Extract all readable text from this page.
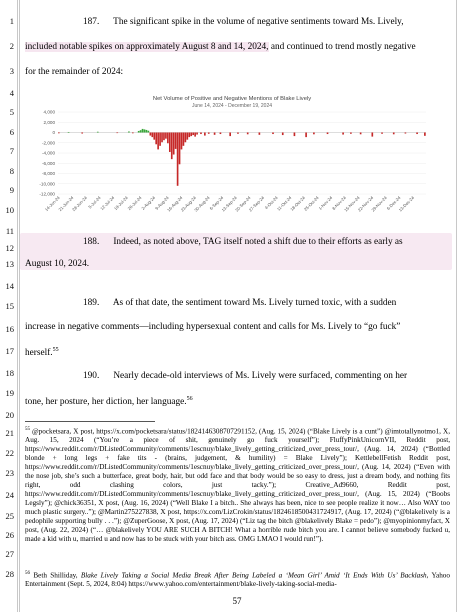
1
2
3
4
5
6
7
8
9
10
11
12
13
14
15
16
17
18
19
20
21
22
23
24
25
26
27
28
187. The significant spike in the volume of negative sentiments toward Ms. Lively,
included notable spikes on approximately August 8 and 14, 2024, and continued to trend mostly negative
for the remainder of 2024:
Net Volume of Positive and Negative Mentions of Blake Lively
June 14, 2024 - December 19, 2024
4,000
2,000
0
-2,000
-4,000
-6,000
-8,000
-10,000
-12,000
14-Jun-24
21-Jun-24
28-Jun-24 5-Jul-24
12-Jul-24
19-Jul-24
26-Jul-24
2-Aug-24
9-Aug-24
16-Aug-24
23-Aug-24
30-Aug-24
6-Sep-24
13-Sep-24
20-Sep-24
27-Sep-24
4-Oct-24
11-Oct-24
18-Oct-24
25-Oct-24
1-Nov-24
8-Nov-24
15-Nov-24
22-Nov-24
29-Nov-24
6-Dec-24
13-Dec-24
188. Indeed, as noted above, TAG itself noted a shift due to their efforts as early as
August 10, 2024.
189. As of that date, the sentiment toward Ms. Lively turned toxic, with a sudden
increase in negative comments—including hypersexual content and calls for Ms. Lively to “go fuck”
herself.$^{55}$
190. Nearly decade-old interviews of Ms. Lively were surfaced, commenting on her
tone, her posture, her diction, her language.$^{56}$
$^{55}$ @pocketsara, X post, https://x.com/pocketsara/status/1824146308707291152, (Aug. 15, 2024) (“Blake Lively is a cunt”) @imtotallynotmo1, X, Aug. 15, 2024 (“You’re a piece of shit, genuinely go fuck yourself”); FluffyPinkUnicornVII, Reddit post, https://www.reddit.com/r/DListedCommunity/comments/1escnuy/blake_lively_getting_criticized_over_press_tour/, (Aug. 14, 2024) (“Bottled blonde + long legs + fake tits - (brains, judgement, & humility) = Blake Lively”); KettlebellFetish Reddit post, https://www.reddit.com/r/DListedCommunity/comments/1escnuy/blake_lively_getting_criticized_over_press_tour/, (Aug. 14, 2024) (“Even with the nose job, she’s such a butterface, great body, hair, but odd face and that body would be so easy to dress, just a dream body, and nothing fits right, odd clashing colors, just tacky.”); Creative_Ad9660, Reddit post, https://www.reddit.com/r/DListedCommunity/comments/1escnuy/blake_lively_getting_criticized_over_press_tour/, (Aug. 15, 2024) (“Boobs Legsly”); @chick36351, X post, (Aug. 16, 2024) (“Well Blake I a bitch.. She always has been, nice to see people realize it now… Also WAY too much plastic surgery..”); @Martin275227838, X post, https://x.com/LizCrokin/status/1824618500431724917, (Aug. 17, 2024) (“@blakelively is a pedophile supporting bully . . .”); @ZuperGoose, X post, (Aug. 17, 2024) (“Liz tag the bitch @blakelively Blake = pedo”); @myopinionmyfact, X post, (Aug. 22, 2024) (“… @blakelively YOU ARE SUCH A BITCH! What a horrible rude bitch you are. I cannot believe somebody fucked u, made a kid with u, married u and now has to be stuck with your bitch ass. OMG LMAO I would run!”).
$^{56}$ Beth Shilliday, Blake Lively Taking a Social Media Break After Being Labeled a ‘Mean Girl’ Amid ‘It Ends With Us’ Backlash, Yahoo Entertainment (Sept. 5, 2024, 8:04) https://www.yahoo.com/entertainment/blake-lively-taking-social-media-
57
